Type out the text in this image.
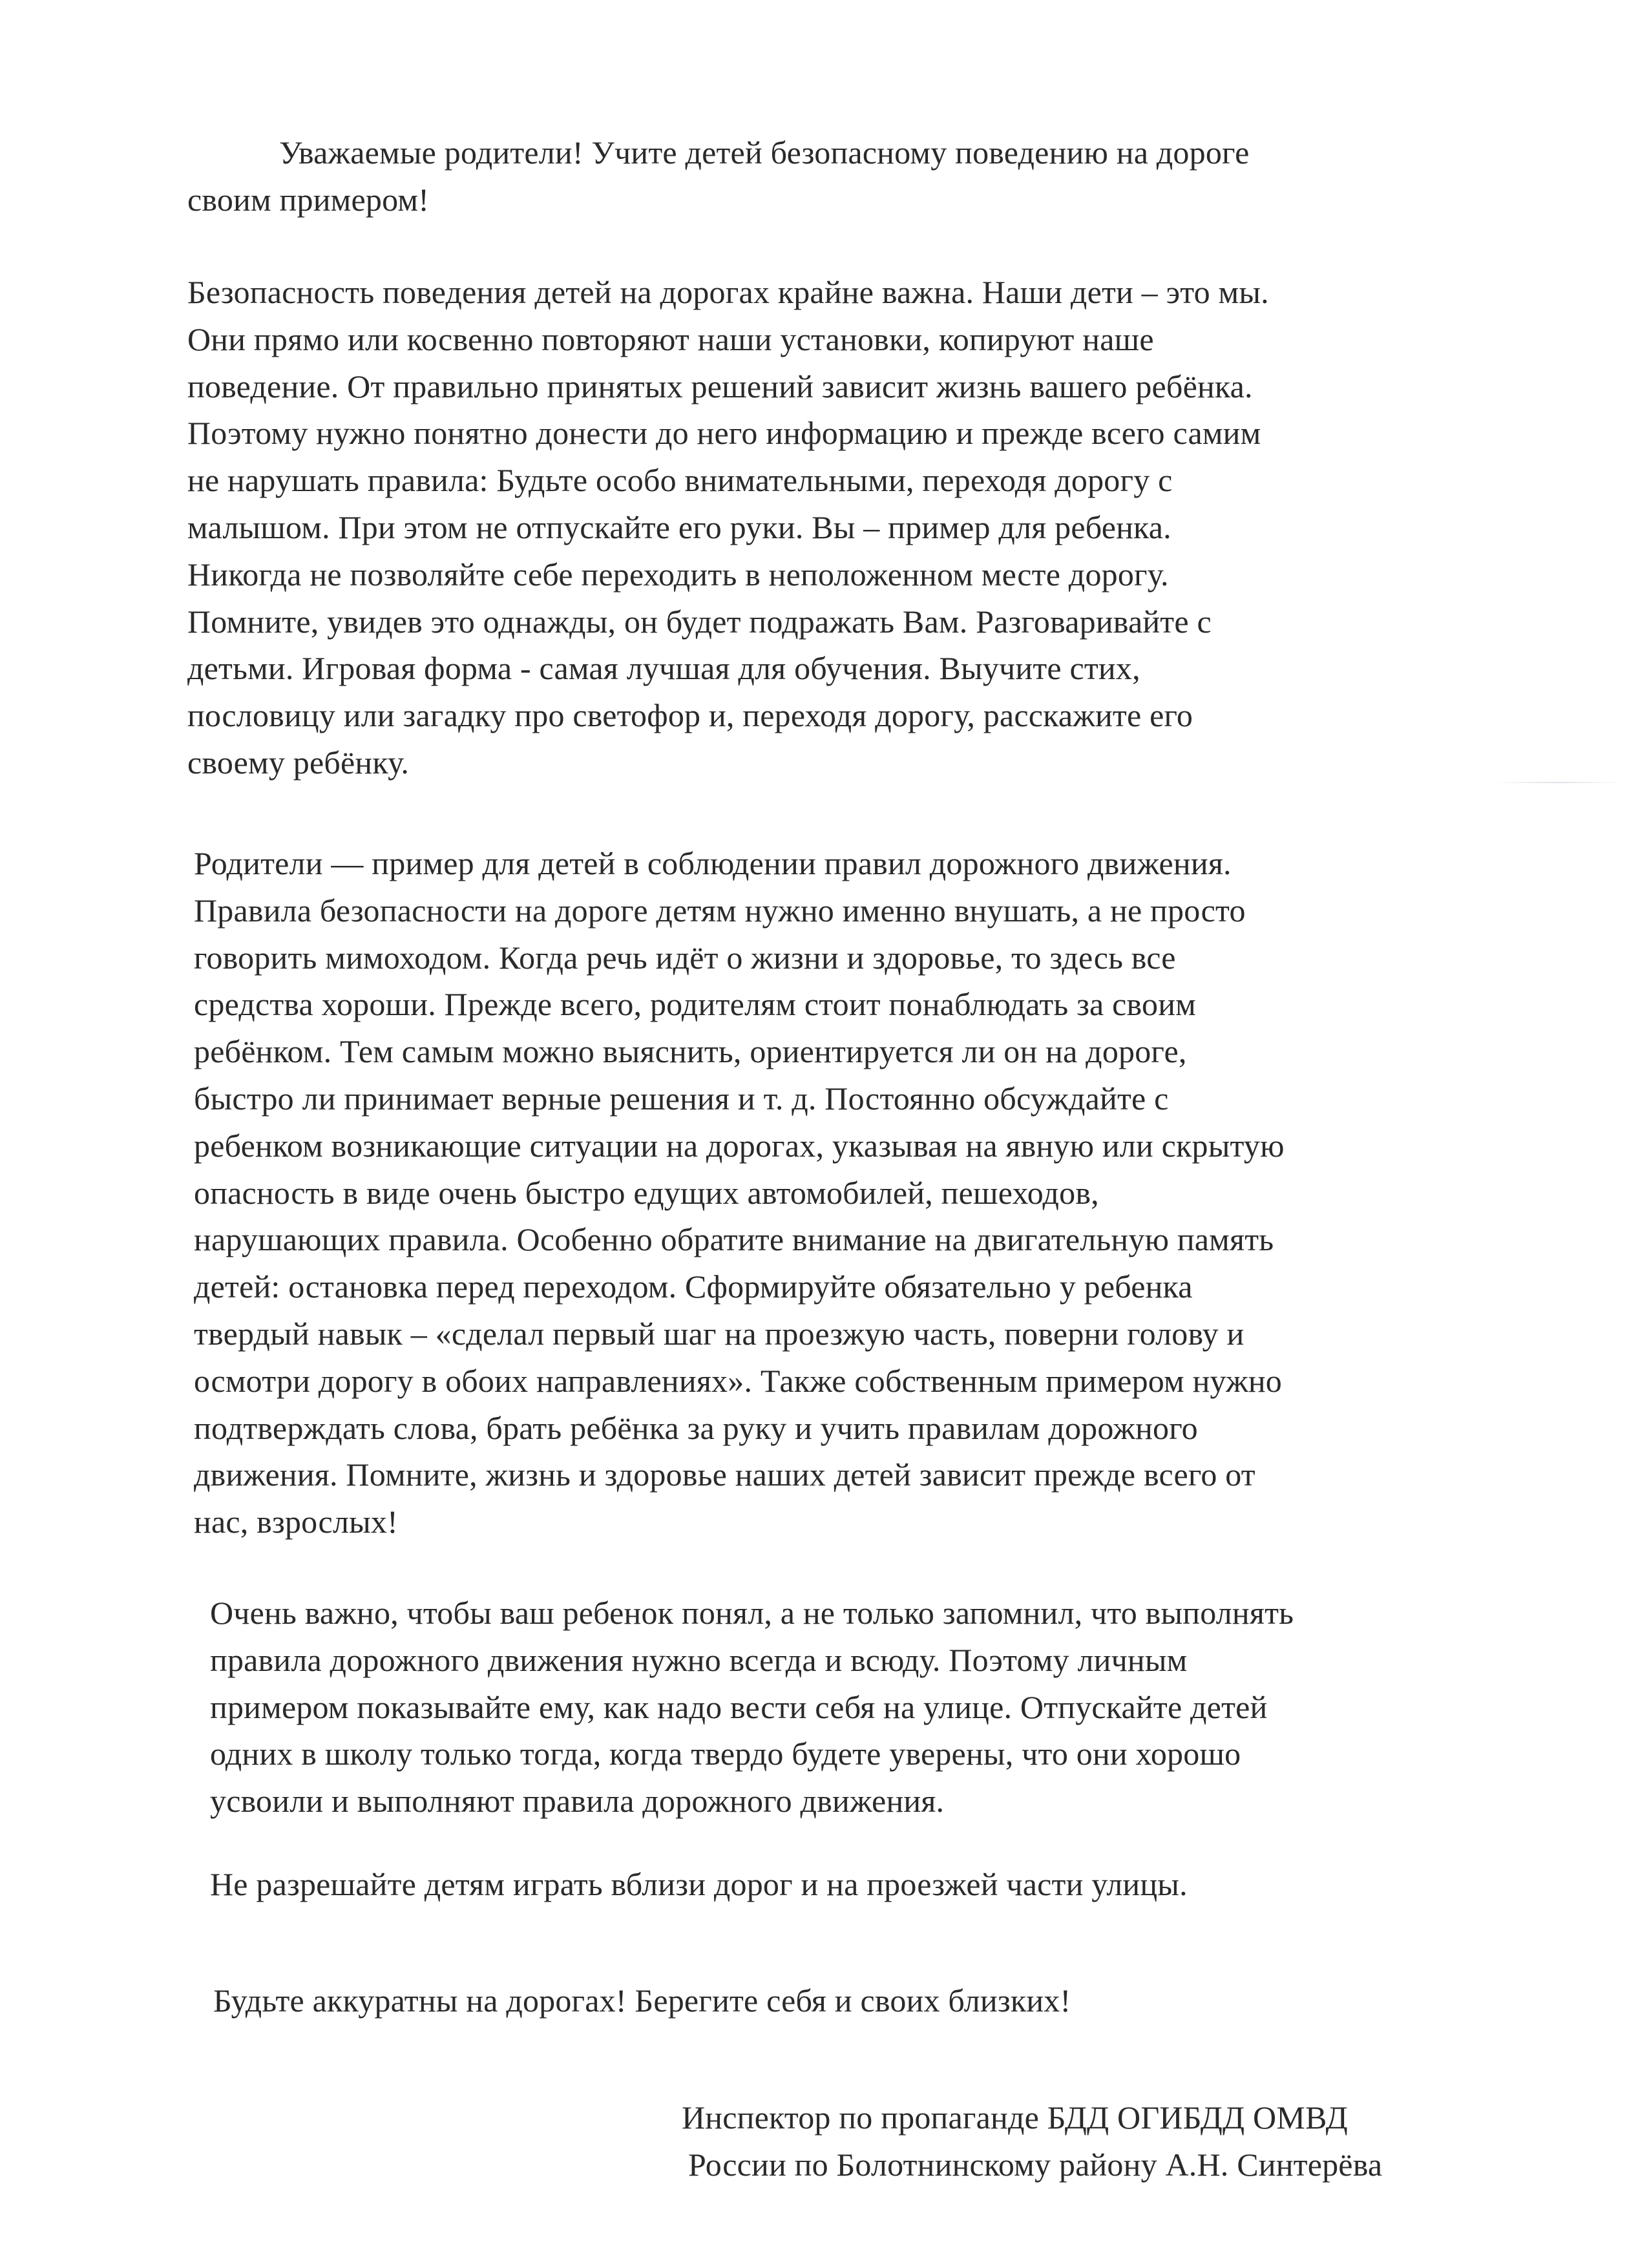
Уважаемые родители! Учите детей безопасному поведению на дороге
своим примером!

Безопасность поведения детей на дорогах крайне важна. Наши дети – это мы.
Они прямо или косвенно повторяют наши установки, копируют наше
поведение. От правильно принятых решений зависит жизнь вашего ребёнка.
Поэтому нужно понятно донести до него информацию и прежде всего самим
не нарушать правила: Будьте особо внимательными, переходя дорогу с
малышом. При этом не отпускайте его руки. Вы – пример для ребенка.
Никогда не позволяйте себе переходить в неположенном месте дорогу.
Помните, увидев это однажды, он будет подражать Вам. Разговаривайте с
детьми. Игровая форма - самая лучшая для обучения. Выучите стих,
пословицу или загадку про светофор и, переходя дорогу, расскажите его
своему ребёнку.

Родители — пример для детей в соблюдении правил дорожного движения.
Правила безопасности на дороге детям нужно именно внушать, а не просто
говорить мимоходом. Когда речь идёт о жизни и здоровье, то здесь все
средства хороши. Прежде всего, родителям стоит понаблюдать за своим
ребёнком. Тем самым можно выяснить, ориентируется ли он на дороге,
быстро ли принимает верные решения и т. д. Постоянно обсуждайте с
ребенком возникающие ситуации на дорогах, указывая на явную или скрытую
опасность в виде очень быстро едущих автомобилей, пешеходов,
нарушающих правила. Особенно обратите внимание на двигательную память
детей: остановка перед переходом. Сформируйте обязательно у ребенка
твердый навык – «сделал первый шаг на проезжую часть, поверни голову и
осмотри дорогу в обоих направлениях». Также собственным примером нужно
подтверждать слова, брать ребёнка за руку и учить правилам дорожного
движения. Помните, жизнь и здоровье наших детей зависит прежде всего от
нас, взрослых!

Очень важно, чтобы ваш ребенок понял, а не только запомнил, что выполнять
правила дорожного движения нужно всегда и всюду. Поэтому личным
примером показывайте ему, как надо вести себя на улице. Отпускайте детей
одних в школу только тогда, когда твердо будете уверены, что они хорошо
усвоили и выполняют правила дорожного движения.

Не разрешайте детям играть вблизи дорог и на проезжей части улицы.

Будьте аккуратны на дорогах! Берегите себя и своих близких!

Инспектор по пропаганде БДД ОГИБДД ОМВД
России по Болотнинскому району А.Н. Синтерёва
